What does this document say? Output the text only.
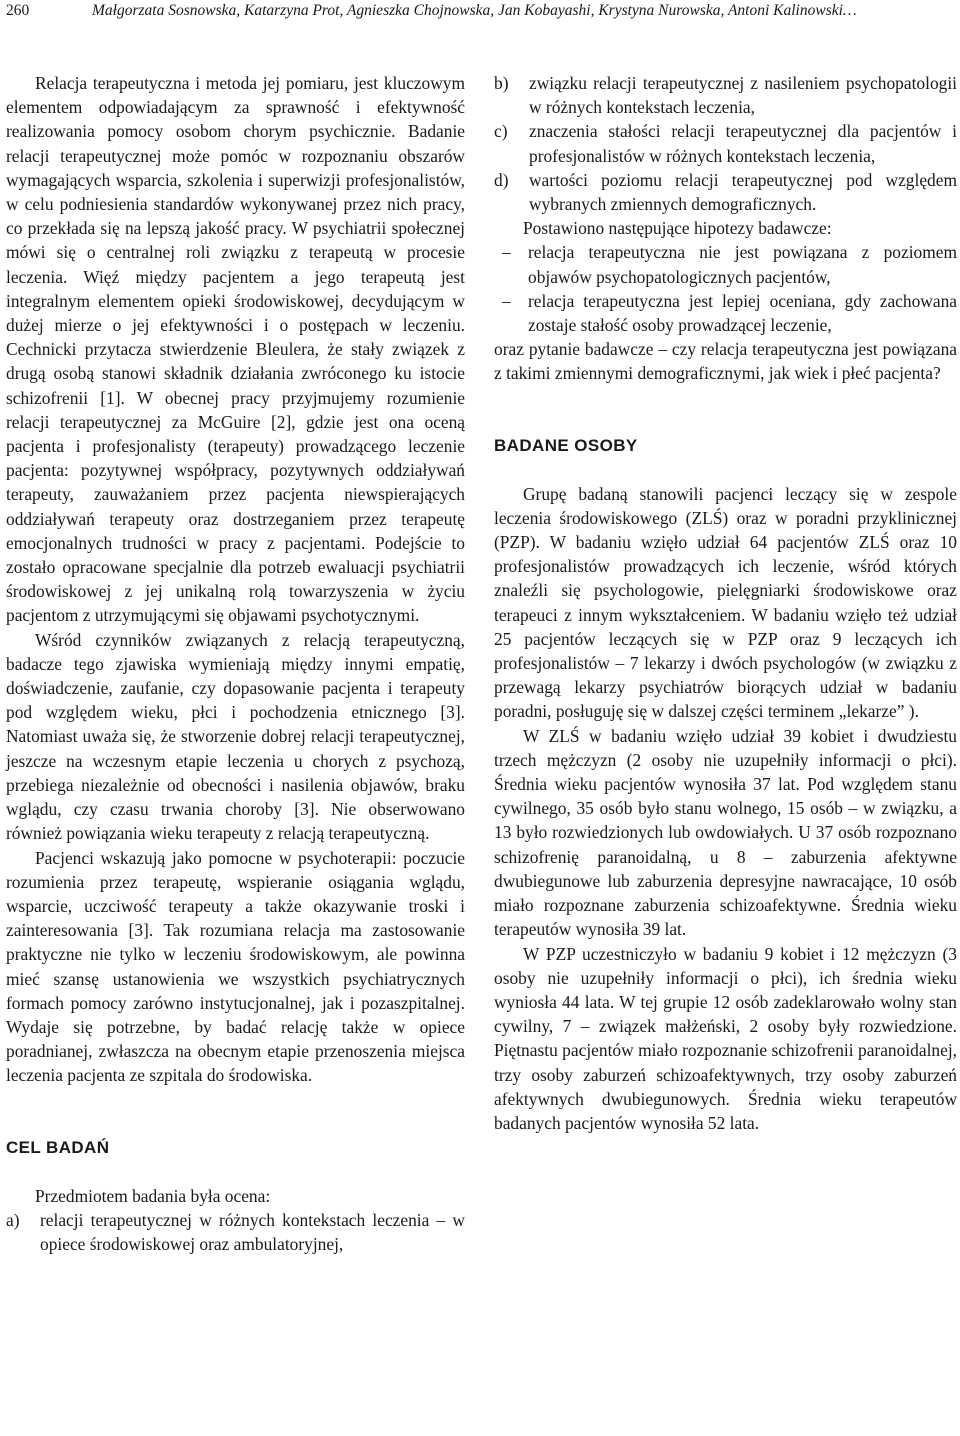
260	Małgorzata Sosnowska, Katarzyna Prot, Agnieszka Chojnowska, Jan Kobayashi, Krystyna Nurowska, Antoni Kalinowski…

Relacja terapeutyczna i metoda jej pomiaru, jest kluczowym elementem odpowiadającym za sprawność i efektywność realizowania pomocy osobom chorym psychicznie. Badanie relacji terapeutycznej może pomóc w rozpoznaniu obszarów wymagających wsparcia, szkolenia i superwizji profesjonalistów, w celu podniesienia standardów wykonywanej przez nich pracy, co przekłada się na lepszą jakość pracy. W psychiatrii społecznej mówi się o centralnej roli związku z terapeutą w procesie leczenia. Więź między pacjentem a jego terapeutą jest integralnym elementem opieki środowiskowej, decydującym w dużej mierze o jej efektywności i o postępach w leczeniu. Cechnicki przytacza stwierdzenie Bleulera, że stały związek z drugą osobą stanowi składnik działania zwróconego ku istocie schizofrenii [1]. W obecnej pracy przyjmujemy rozumienie relacji terapeutycznej za McGuire [2], gdzie jest ona oceną pacjenta i profesjonalisty (terapeuty) prowadzącego leczenie pacjenta: pozytywnej współpracy, pozytywnych oddziaływań terapeuty, zauważaniem przez pacjenta niewspierających oddziaływań terapeuty oraz dostrzeganiem przez terapeutę emocjonalnych trudności w pracy z pacjentami. Podejście to zostało opracowane specjalnie dla potrzeb ewaluacji psychiatrii środowiskowej z jej unikalną rolą towarzyszenia w życiu pacjentom z utrzymującymi się objawami psychotycznymi.

Wśród czynników związanych z relacją terapeutyczną, badacze tego zjawiska wymieniają między innymi empatię, doświadczenie, zaufanie, czy dopasowanie pacjenta i terapeuty pod względem wieku, płci i pochodzenia etnicznego [3]. Natomiast uważa się, że stworzenie dobrej relacji terapeutycznej, jeszcze na wczesnym etapie leczenia u chorych z psychozą, przebiega niezależnie od obecności i nasilenia objawów, braku wglądu, czy czasu trwania choroby [3]. Nie obserwowano również powiązania wieku terapeuty z relacją terapeutyczną.

Pacjenci wskazują jako pomocne w psychoterapii: poczucie rozumienia przez terapeutę, wspieranie osiągania wglądu, wsparcie, uczciwość terapeuty a także okazywanie troski i zainteresowania [3]. Tak rozumiana relacja ma zastosowanie praktyczne nie tylko w leczeniu środowiskowym, ale powinna mieć szansę ustanowienia we wszystkich psychiatrycznych formach pomocy zarówno instytucjonalnej, jak i pozaszpitalnej. Wydaje się potrzebne, by badać relację także w opiece poradnianej, zwłaszcza na obecnym etapie przenoszenia miejsca leczenia pacjenta ze szpitala do środowiska.

CEL BADAŃ

Przedmiotem badania była ocena:

a) relacji terapeutycznej w różnych kontekstach leczenia – w opiece środowiskowej oraz ambulatoryjnej,
b) związku relacji terapeutycznej z nasileniem psychopatologii w różnych kontekstach leczenia,
c) znaczenia stałości relacji terapeutycznej dla pacjentów i profesjonalistów w różnych kontekstach leczenia,
d) wartości poziomu relacji terapeutycznej pod względem wybranych zmiennych demograficznych.

Postawiono następujące hipotezy badawcze:

– relacja terapeutyczna nie jest powiązana z poziomem objawów psychopatologicznych pacjentów,
– relacja terapeutyczna jest lepiej oceniana, gdy zachowana zostaje stałość osoby prowadzącej leczenie,

oraz pytanie badawcze – czy relacja terapeutyczna jest powiązana z takimi zmiennymi demograficznymi, jak wiek i płeć pacjenta?

BADANE OSOBY

Grupę badaną stanowili pacjenci leczący się w zespole leczenia środowiskowego (ZLŚ) oraz w poradni przyklinicznej (PZP). W badaniu wzięło udział 64 pacjentów ZLŚ oraz 10 profesjonalistów prowadzących ich leczenie, wśród których znaleźli się psychologowie, pielęgniarki środowiskowe oraz terapeuci z innym wykształceniem. W badaniu wzięło też udział 25 pacjentów leczących się w PZP oraz 9 leczących ich profesjonalistów – 7 lekarzy i dwóch psychologów (w związku z przewagą lekarzy psychiatrów biorących udział w badaniu poradni, posługuję się w dalszej części terminem „lekarze” ).

W ZLŚ w badaniu wzięło udział 39 kobiet i dwudziestu trzech mężczyzn (2 osoby nie uzupełniły informacji o płci). Średnia wieku pacjentów wynosiła 37 lat. Pod względem stanu cywilnego, 35 osób było stanu wolnego, 15 osób – w związku, a 13 było rozwiedzionych lub owdowiałych. U 37 osób rozpoznano schizofrenię paranoidalną, u 8 – zaburzenia afektywne dwubiegunowe lub zaburzenia depresyjne nawracające, 10 osób miało rozpoznane zaburzenia schizoafektywne. Średnia wieku terapeutów wynosiła 39 lat.

W PZP uczestniczyło w badaniu 9 kobiet i 12 mężczyzn (3 osoby nie uzupełniły informacji o płci), ich średnia wieku wyniosła 44 lata. W tej grupie 12 osób zadeklarowało wolny stan cywilny, 7 – związek małżeński, 2 osoby były rozwiedzione. Piętnastu pacjentów miało rozpoznanie schizofrenii paranoidalnej, trzy osoby zaburzeń schizoafektywnych, trzy osoby zaburzeń afektywnych dwubiegunowych. Średnia wieku terapeutów badanych pacjentów wynosiła 52 lata.
